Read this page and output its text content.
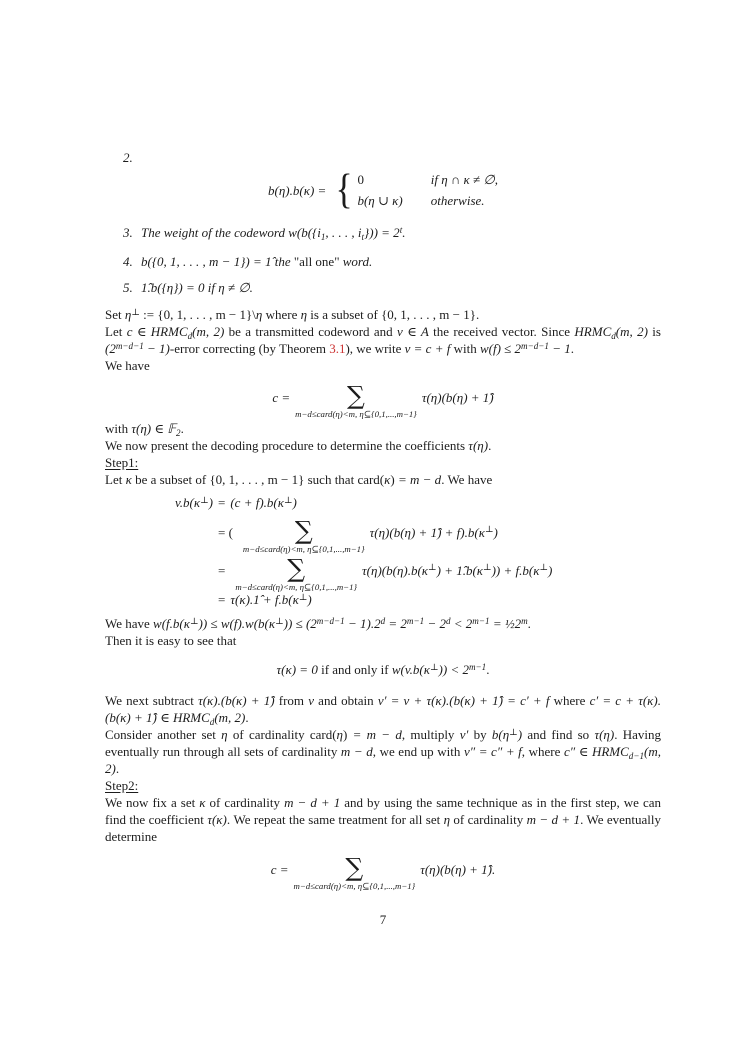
2.
b(η).b(κ) = { 0	if η ∩ κ ≠ ∅,
b(η ∪ κ) otherwise.
3. The weight of the codeword $w(b(\{i_1$, . . . , $i_t\})) = 2^t$.
4. b({0, 1, . . . , m − 1}) = 1̂ the "all one" word.
5. 1̂.b({η}) = 0 if η ≠ ∅.

Set η⊥ := {0, 1, . . . , m − 1}\η where η is a subset of {0, 1, . . . , m − 1}.

Let c ∈ $HRMC_d(m$, 2) be a transmitted codeword and v ∈ A the received vector. Since $HRMC_d(m$, 2) is ($2^{m-d-1}$ − 1)-error correcting (by Theorem 3.1), we write v = c + f with $w(f) \le 2^{m-d-1} - 1$.

We have

c = ∑
m−d≤card(η)<m, η⊆{0,1,...,m−1}
τ(η)(b(η) + 1̂)

with τ(η) ∈ 𝔽$_2$.

We now present the decoding procedure to determine the coefficients τ(η).

Step1:

Let κ be a subset of {0, 1, . . . , m − 1} such that card(κ) = m − d. We have

v.b(κ⊥) = (c + f).b(κ⊥)
= ( ∑
m−d≤card(η)<m, η⊆{0,1,...,m−1}
τ(η)(b(η) + 1̂) + f).b(κ⊥)
= ∑
m−d≤card(η)<m, η⊆{0,1,...,m−1}
τ(η)(b(η).b(κ⊥) + 1̂.b(κ⊥)) + f.b(κ⊥)
= τ(κ).1̂ + f.b(κ⊥)

We have $w(f.b(\kappa^\perp)) \le w(f).w(b(\kappa^\perp)) \le (2^{m-d-1} - 1).2^d = 2^{m-1} - 2^d < 2^{m-1}$ = $\frac{1}{2}2^m$.

Then it is easy to see that

τ(κ) = 0 if and only if $w(v.b(\kappa^\perp)) < 2^{m-1}$.

We next subtract τ(κ).(b(κ) + 1̂) from v and obtain v′ = v + τ(κ).(b(κ) + 1̂) = c′ + f where c′ = c + τ(κ).(b(κ) + 1̂) ∈ $HRMC_d(m$, 2).

Consider another set η of cardinality card(η) = m − d, multiply v′ by b(η⊥) and find so τ(η). Having eventually run through all sets of cardinality m − d, we end up with v″ = c″ + f, where c″ ∈ $HRMC_{d-1}(m$, 2).

Step2:

We now fix a set κ of cardinality m − d + 1 and by using the same technique as in the first step, we can find the coefficient τ(κ). We repeat the same treatment for all set η of cardinality m − d + 1. We eventually determine

c = ∑
m−d≤card(η)<m, η⊆{0,1,...,m−1}
τ(η)(b(η) + 1̂).
7
